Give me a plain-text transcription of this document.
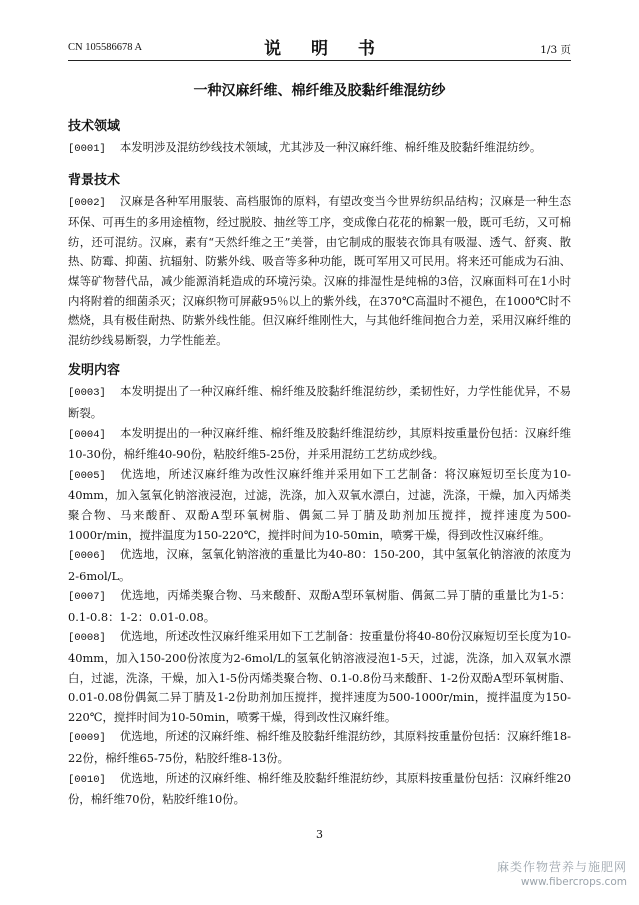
CN 105586678 A	说 明 书	1/3 页
一种汉麻纤维、棉纤维及胶黏纤维混纺纱
技术领域

[0001] 本发明涉及混纺纱线技术领域，尤其涉及一种汉麻纤维、棉纤维及胶黏纤维混纺纱。

背景技术

[0002] 汉麻是各种军用服装、高档服饰的原料，有望改变当今世界纺织品结构；汉麻是一种生态环保、可再生的多用途植物，经过脱胶、抽丝等工序，变成像白花花的棉絮一般，既可毛纺，又可棉纺，还可混纺。汉麻，素有“天然纤维之王”美誉，由它制成的服装衣饰具有吸湿、透气、舒爽、散热、防霉、抑菌、抗辐射、防紫外线、吸音等多种功能，既可军用又可民用。将来还可能成为石油、煤等矿物替代品，减少能源消耗造成的环境污染。汉麻的排湿性是纯棉的3倍，汉麻面料可在1小时内将附着的细菌杀灭；汉麻织物可屏蔽95％以上的紫外线，在370℃高温时不褪色，在1000℃时不燃烧，具有极佳耐热、防紫外线性能。但汉麻纤维刚性大，与其他纤维间抱合力差，采用汉麻纤维的混纺纱线易断裂，力学性能差。

发明内容

[0003] 本发明提出了一种汉麻纤维、棉纤维及胶黏纤维混纺纱，柔韧性好，力学性能优异，不易断裂。

[0004] 本发明提出的一种汉麻纤维、棉纤维及胶黏纤维混纺纱，其原料按重量份包括：汉麻纤维10-30份，棉纤维40-90份，粘胶纤维5-25份，并采用混纺工艺纺成纱线。

[0005] 优选地，所述汉麻纤维为改性汉麻纤维并采用如下工艺制备：将汉麻短切至长度为10-40mm，加入氢氧化钠溶液浸泡，过滤，洗涤，加入双氧水漂白，过滤，洗涤，干燥，加入丙烯类聚合物、马来酸酐、双酚A型环氧树脂、偶氮二异丁腈及助剂加压搅拌，搅拌速度为500-1000r/min，搅拌温度为150-220℃，搅拌时间为10-50min，喷雾干燥，得到改性汉麻纤维。

[0006] 优选地，汉麻，氢氧化钠溶液的重量比为40-80：150-200，其中氢氧化钠溶液的浓度为2-6mol/L。

[0007] 优选地，丙烯类聚合物、马来酸酐、双酚A型环氧树脂、偶氮二异丁腈的重量比为1-5：0.1-0.8：1-2：0.01-0.08。

[0008] 优选地，所述改性汉麻纤维采用如下工艺制备：按重量份将40-80份汉麻短切至长度为10-40mm，加入150-200份浓度为2-6mol/L的氢氧化钠溶液浸泡1-5天，过滤，洗涤，加入双氧水漂白，过滤，洗涤，干燥，加入1-5份丙烯类聚合物、0.1-0.8份马来酸酐、1-2份双酚A型环氧树脂、0.01-0.08份偶氮二异丁腈及1-2份助剂加压搅拌，搅拌速度为500-1000r/min，搅拌温度为150-220℃，搅拌时间为10-50min，喷雾干燥，得到改性汉麻纤维。

[0009] 优选地，所述的汉麻纤维、棉纤维及胶黏纤维混纺纱，其原料按重量份包括：汉麻纤维18-22份，棉纤维65-75份，粘胶纤维8-13份。

[0010] 优选地，所述的汉麻纤维、棉纤维及胶黏纤维混纺纱，其原料按重量份包括：汉麻纤维20份，棉纤维70份，粘胶纤维10份。

3
麻类作物营养与施肥网
www.fibercrops.com
